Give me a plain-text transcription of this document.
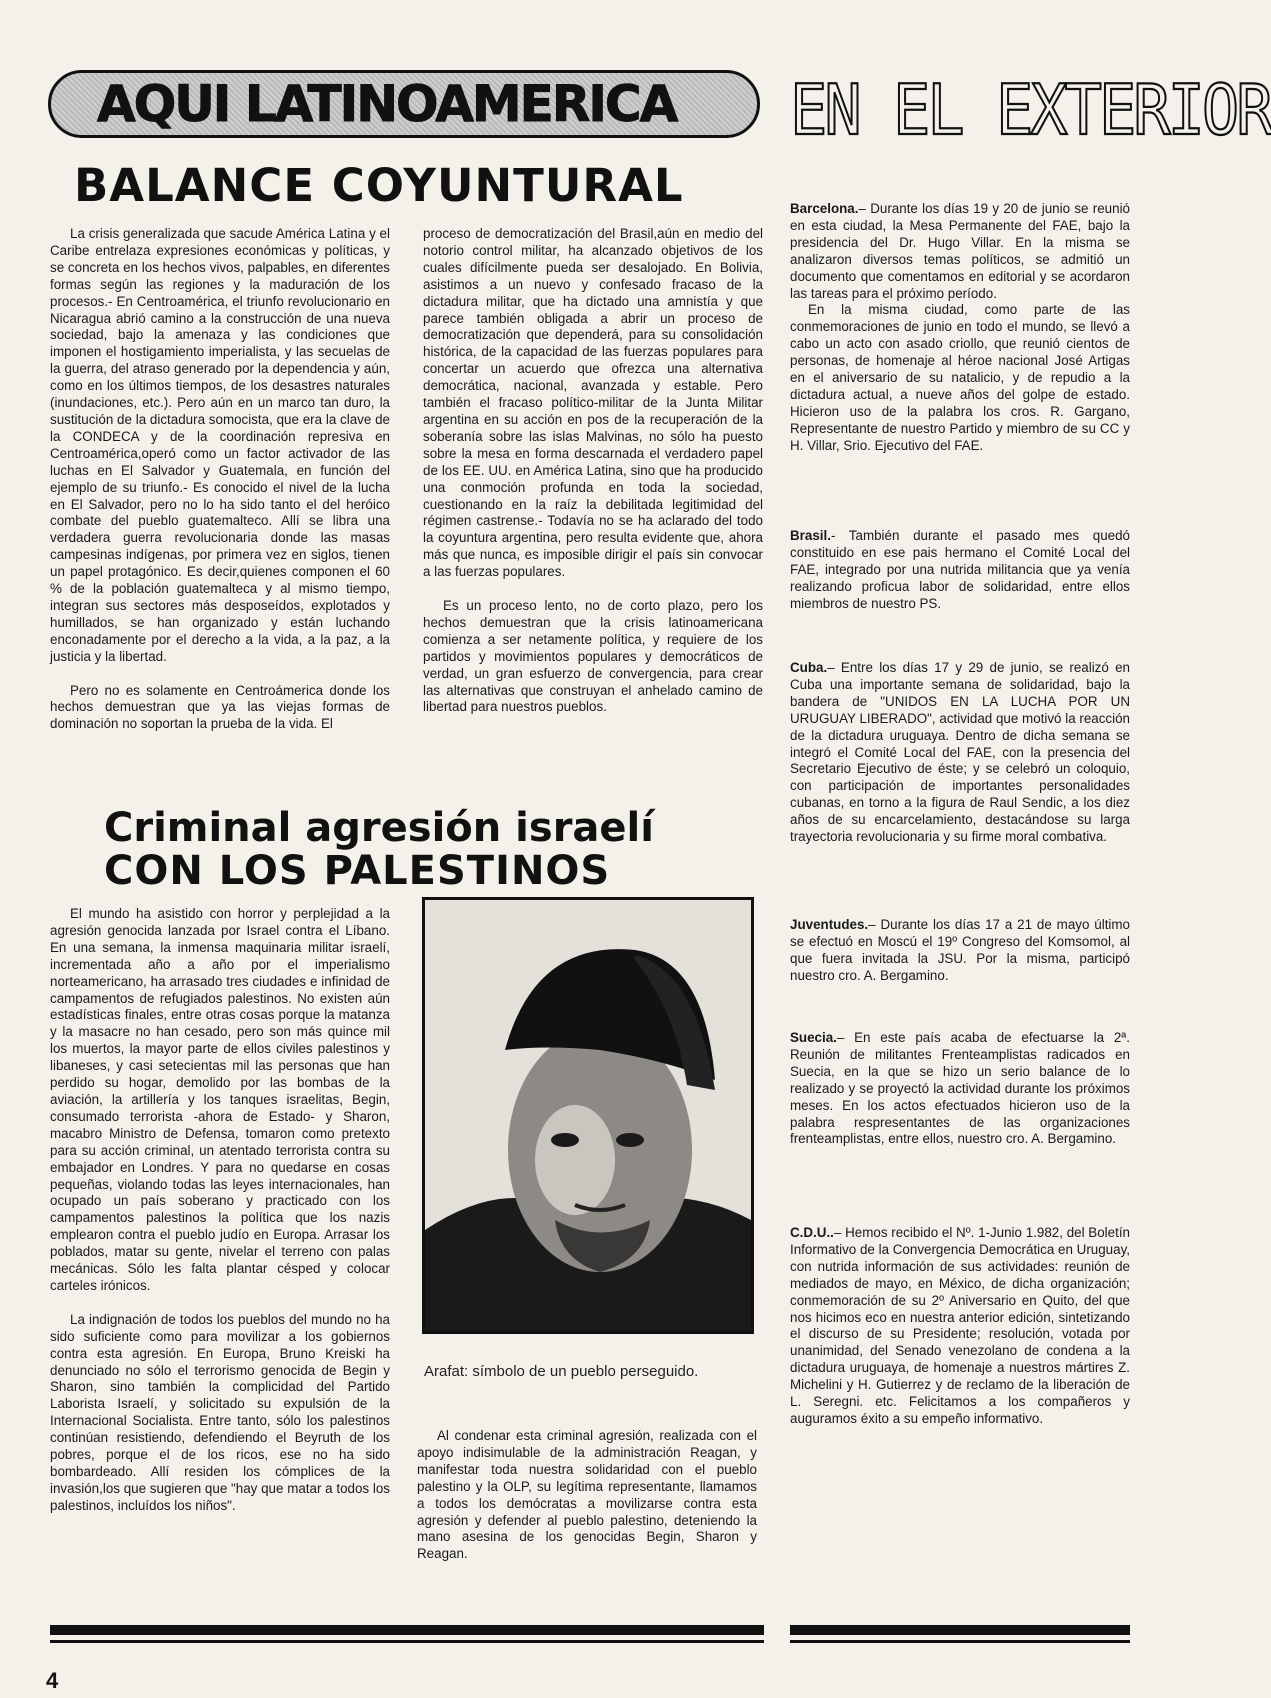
AQUI LATINOAMERICA EN EL EXTERIOR
BALANCE COYUNTURAL

La crisis generalizada que sacude América Latina y el Caribe entrelaza expresiones económicas y políticas, y se concreta en los hechos vivos, palpables, en diferentes formas según las regiones y la maduración de los procesos.- En Centroamérica, el triunfo revolucionario en Nicaragua abrió camino a la construcción de una nueva sociedad, bajo la amenaza y las condiciones que imponen el hostigamiento imperialista, y las secuelas de la guerra, del atraso generado por la dependencia y aún, como en los últimos tiempos, de los desastres naturales (inundaciones, etc.). Pero aún en un marco tan duro, la sustitución de la dictadura somocista, que era la clave de la CONDECA y de la coordinación represiva en Centroamérica,operó como un factor activador de las luchas en El Salvador y Guatemala, en función del ejemplo de su triunfo.- Es conocido el nivel de la lucha en El Salvador, pero no lo ha sido tanto el del heróico combate del pueblo guatemalteco. Allí se libra una verdadera guerra revolucionaria donde las masas campesinas indígenas, por primera vez en siglos, tienen un papel protagónico. Es decir,quienes componen el 60 % de la población guatemalteca y al mismo tiempo, integran sus sectores más desposeídos, explotados y humillados, se han organizado y están luchando enconadamente por el derecho a la vida, a la paz, a la justicia y la libertad.

Pero no es solamente en Centroámerica donde los hechos demuestran que ya las viejas formas de dominación no soportan la prueba de la vida. El

proceso de democratización del Brasil,aún en medio del notorio control militar, ha alcanzado objetivos de los cuales difícilmente pueda ser desalojado. En Bolivia, asistimos a un nuevo y confesado fracaso de la dictadura militar, que ha dictado una amnistía y que parece también obligada a abrir un proceso de democratización que dependerá, para su consolidación histórica, de la capacidad de las fuerzas populares para concertar un acuerdo que ofrezca una alternativa democrática, nacional, avanzada y estable. Pero también el fracaso político-militar de la Junta Militar argentina en su acción en pos de la recuperación de la soberanía sobre las islas Malvinas, no sólo ha puesto sobre la mesa en forma descarnada el verdadero papel de los EE. UU. en América Latina, sino que ha producido una conmoción profunda en toda la sociedad, cuestionando en la raíz la debilitada legitimidad del régimen castrense.- Todavía no se ha aclarado del todo la coyuntura argentina, pero resulta evidente que, ahora más que nunca, es imposible dirigir el país sin convocar a las fuerzas populares.

Es un proceso lento, no de corto plazo, pero los hechos demuestran que la crisis latinoamericana comienza a ser netamente política, y requiere de los partidos y movimientos populares y democráticos de verdad, un gran esfuerzo de convergencia, para crear las alternativas que construyan el anhelado camino de libertad para nuestros pueblos.

Criminal agresión israelí
CON LOS PALESTINOS

El mundo ha asistido con horror y perplejidad a la agresión genocida lanzada por Israel contra el Líbano. En una semana, la inmensa maquinaria militar israelí, incrementada año a año por el imperialismo norteamericano, ha arrasado tres ciudades e infinidad de campamentos de refugiados palestinos. No existen aún estadísticas finales, entre otras cosas porque la matanza y la masacre no han cesado, pero son más quince mil los muertos, la mayor parte de ellos civiles palestinos y libaneses, y casi setecientas mil las personas que han perdido su hogar, demolido por las bombas de la aviación, la artillería y los tanques israelitas, Begin, consumado terrorista -ahora de Estado- y Sharon, macabro Ministro de Defensa, tomaron como pretexto para su acción criminal, un atentado terrorista contra su embajador en Londres. Y para no quedarse en cosas pequeñas, violando todas las leyes internacionales, han ocupado un país soberano y practicado con los campamentos palestinos la política que los nazis emplearon contra el pueblo judío en Europa. Arrasar los poblados, matar su gente, nivelar el terreno con palas mecánicas. Sólo les falta plantar césped y colocar carteles irónicos.

La indignación de todos los pueblos del mundo no ha sido suficiente como para movilizar a los gobiernos contra esta agresión. En Europa, Bruno Kreiski ha denunciado no sólo el terrorismo genocida de Begin y Sharon, sino también la complicidad del Partido Laborista Israelí, y solicitado su expulsión de la Internacional Socialista. Entre tanto, sólo los palestinos continúan resistiendo, defendiendo el Beyruth de los pobres, porque el de los ricos, ese no ha sido bombardeado. Allí residen los cómplices de la invasión,los que sugieren que "hay que matar a todos los palestinos, incluídos los niños".

Arafat: símbolo de un pueblo perseguido.

Al condenar esta criminal agresión, realizada con el apoyo indisimulable de la administración Reagan, y manifestar toda nuestra solidaridad con el pueblo palestino y la OLP, su legítima representante, llamamos a todos los demócratas a movilizarse contra esta agresión y defender al pueblo palestino, deteniendo la mano asesina de los genocidas Begin, Sharon y Reagan.

Barcelona.– Durante los días 19 y 20 de junio se reunió en esta ciudad, la Mesa Permanente del FAE, bajo la presidencia del Dr. Hugo Villar. En la misma se analizaron diversos temas políticos, se admitió un documento que comentamos en editorial y se acordaron las tareas para el próximo período.

En la misma ciudad, como parte de las conmemoraciones de junio en todo el mundo, se llevó a cabo un acto con asado criollo, que reunió cientos de personas, de homenaje al héroe nacional José Artigas en el aniversario de su natalicio, y de repudio a la dictadura actual, a nueve años del golpe de estado. Hicieron uso de la palabra los cros. R. Gargano, Representante de nuestro Partido y miembro de su CC y H. Villar, Srio. Ejecutivo del FAE.

Brasil.- También durante el pasado mes quedó constituido en ese pais hermano el Comité Local del FAE, integrado por una nutrida militancia que ya venía realizando proficua labor de solidaridad, entre ellos miembros de nuestro PS.

Cuba.– Entre los días 17 y 29 de junio, se realizó en Cuba una importante semana de solidaridad, bajo la bandera de "UNIDOS EN LA LUCHA POR UN URUGUAY LIBERADO", actividad que motivó la reacción de la dictadura uruguaya. Dentro de dicha semana se integró el Comité Local del FAE, con la presencia del Secretario Ejecutivo de éste; y se celebró un coloquio, con participación de importantes personalidades cubanas, en torno a la figura de Raul Sendic, a los diez años de su encarcelamiento, destacándose su larga trayectoria revolucionaria y su firme moral combativa.

Juventudes.– Durante los días 17 a 21 de mayo último se efectuó en Moscú el 19º Congreso del Komsomol, al que fuera invitada la JSU. Por la misma, participó nuestro cro. A. Bergamino.

Suecia.– En este país acaba de efectuarse la 2ª. Reunión de militantes Frenteamplistas radicados en Suecia, en la que se hizo un serio balance de lo realizado y se proyectó la actividad durante los próximos meses. En los actos efectuados hicieron uso de la palabra respresentantes de las organizaciones frenteamplistas, entre ellos, nuestro cro. A. Bergamino.

C.D.U..– Hemos recibido el Nº. 1-Junio 1.982, del Boletín Informativo de la Convergencia Democrática en Uruguay, con nutrida información de sus actividades: reunión de mediados de mayo, en México, de dicha organización; conmemoración de su 2º Aniversario en Quito, del que nos hicimos eco en nuestra anterior edición, sintetizando el discurso de su Presidente; resolución, votada por unanimidad, del Senado venezolano de condena a la dictadura uruguaya, de homenaje a nuestros mártires Z. Michelini y H. Gutierrez y de reclamo de la liberación de L. Seregni. etc. Felicitamos a los compañeros y auguramos éxito a su empeño informativo.

4
